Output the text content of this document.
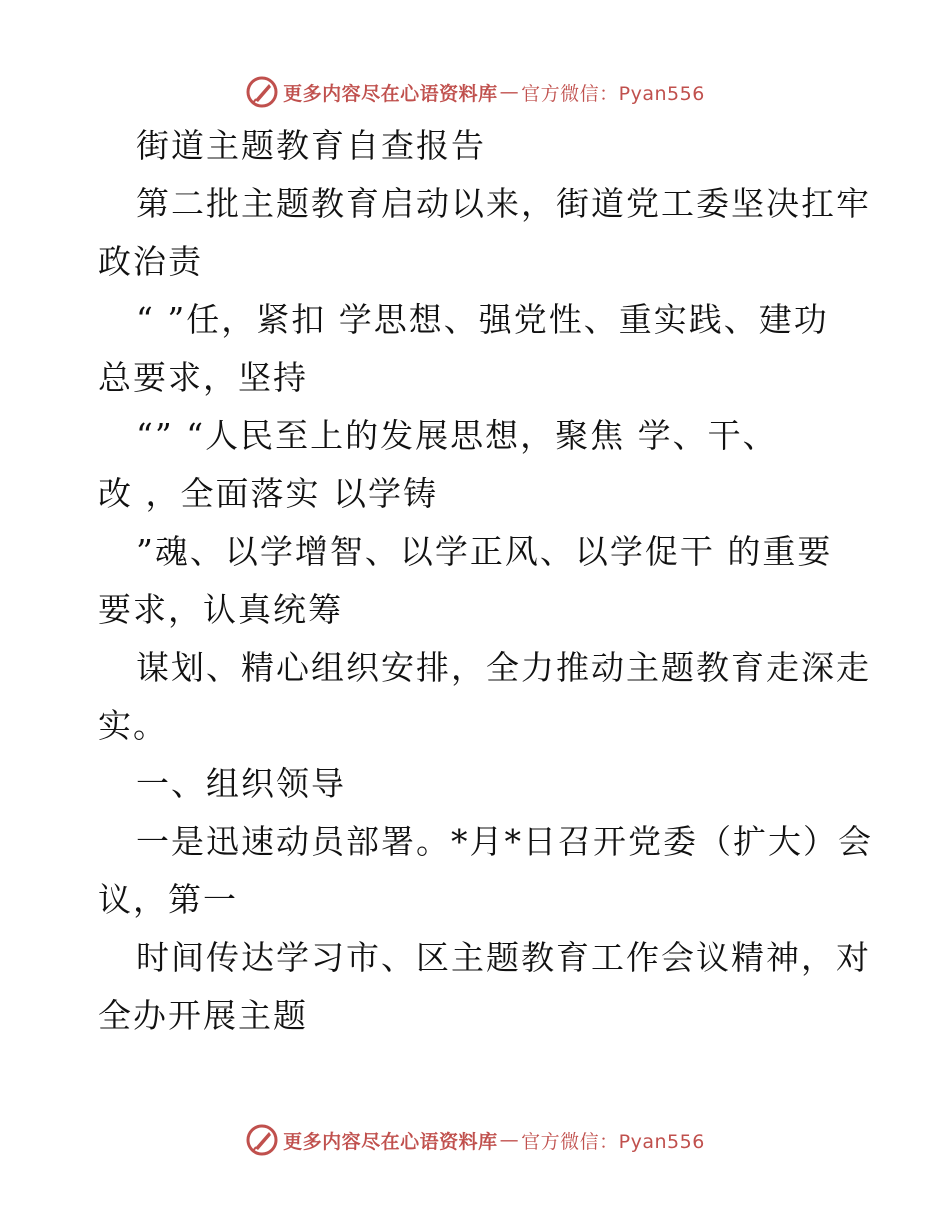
更多内容尽在心语资料库 — 官方微信：Pyan556
街道主题教育自查报告
第二批主题教育启动以来，街道党工委坚决扛牢
政治责
“ ”任，紧扣 学思想、强党性、重实践、建功
总要求，坚持
“” “人民至上的发展思想，聚焦 学、干、
改 ，全面落实 以学铸
”魂、以学增智、以学正风、以学促干 的重要
要求，认真统筹
谋划、精心组织安排，全力推动主题教育走深走
实。
一、组织领导
一是迅速动员部署。*月*日召开党委（扩大）会
议，第一
时间传达学习市、区主题教育工作会议精神，对
全办开展主题
更多内容尽在心语资料库 — 官方微信：Pyan556
